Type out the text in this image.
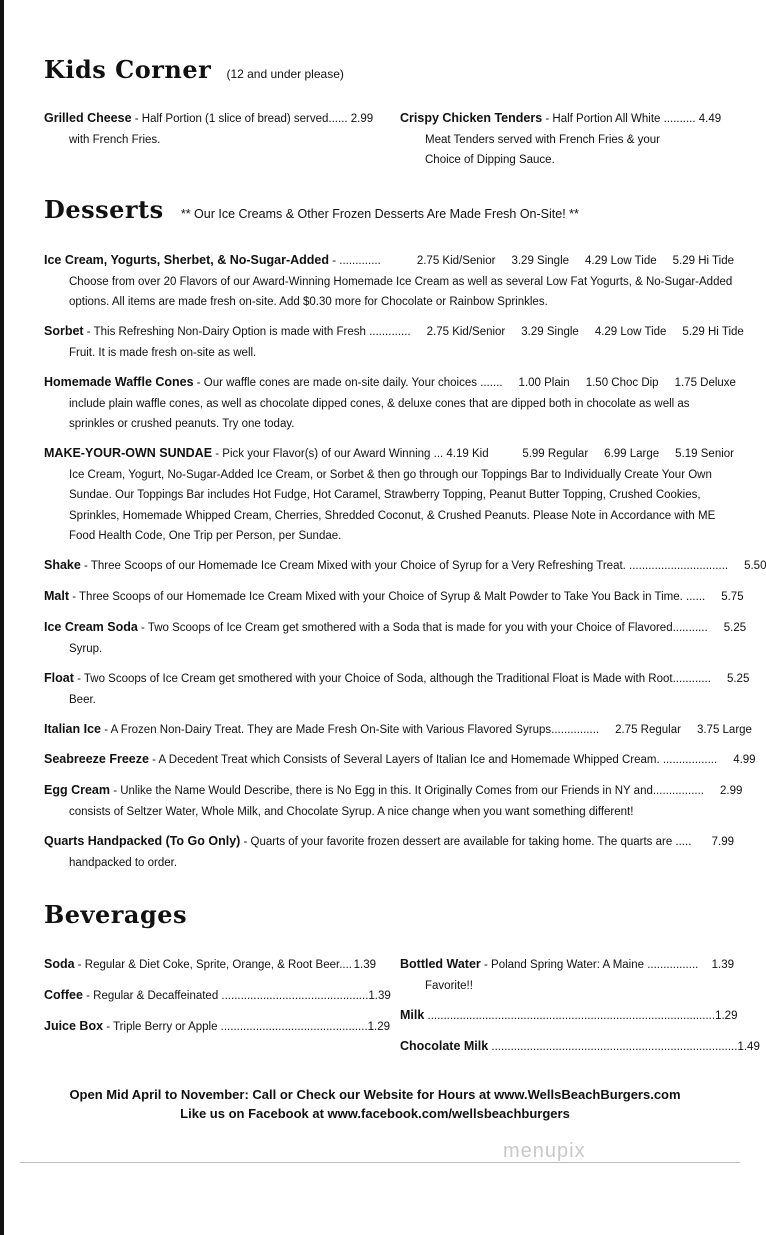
Kids Corner (12 and under please)
Grilled Cheese - Half Portion (1 slice of bread) served...... 2.99
with French Fries.
Crispy Chicken Tenders - Half Portion All White .......... 4.49
Meat Tenders served with French Fries & your
Choice of Dipping Sauce.
Desserts ** Our Ice Creams & Other Frozen Desserts Are Made Fresh On-Site! **
Ice Cream, Yogurts, Sherbet, & No-Sugar-Added
- .............	2.75 Kid/Senior 3.29 Single 4.29 Low Tide 5.29 Hi Tide
Choose from over 20 Flavors of our Award-Winning Homemade Ice Cream as well as several Low Fat Yogurts, & No-Sugar-Added options. All items are made fresh on-site. Add $0.30 more for Chocolate or Rainbow Sprinkles.
Sorbet
- This Refreshing Non-Dairy Option is made with Fresh ............. 2.75 Kid/Senior 3.29 Single 4.29 Low Tide 5.29 Hi Tide
Fruit. It is made fresh on-site as well.
Homemade Waffle Cones
- Our waffle cones are made on-site daily. Your choices ....... 1.00 Plain 1.50 Choc Dip 1.75 Deluxe
include plain waffle cones, as well as chocolate dipped cones, & deluxe cones that are dipped both in chocolate as well as sprinkles or crushed peanuts. Try one today.
MAKE-YOUR-OWN SUNDAE
- Pick your Flavor(s) of our Award Winning ... 4.19 Kid	5.99 Regular 6.99 Large 5.19 Senior
Ice Cream, Yogurt, No-Sugar-Added Ice Cream, or Sorbet & then go through our Toppings Bar to Individually Create Your Own Sundae. Our Toppings Bar includes Hot Fudge, Hot Caramel, Strawberry Topping, Peanut Butter Topping, Crushed Cookies, Sprinkles, Homemade Whipped Cream, Cherries, Shredded Coconut, & Crushed Peanuts. Please Note in Accordance with ME Food Health Code, One Trip per Person, per Sundae.
Shake
- Three Scoops of our Homemade Ice Cream Mixed with your Choice of Syrup for a Very Refreshing Treat. ............................... 5.50
Malt
- Three Scoops of our Homemade Ice Cream Mixed with your Choice of Syrup & Malt Powder to Take You Back in Time. ...... 5.75
Ice Cream Soda
- Two Scoops of Ice Cream get smothered with a Soda that is made for you with your Choice of Flavored........... 5.25
Syrup.
Float
- Two Scoops of Ice Cream get smothered with your Choice of Soda, although the Traditional Float is Made with Root............ 5.25
Beer.
Italian Ice
- A Frozen Non-Dairy Treat. They are Made Fresh On-Site with Various Flavored Syrups............... 2.75 Regular 3.75 Large
Seabreeze Freeze
- A Decedent Treat which Consists of Several Layers of Italian Ice and Homemade Whipped Cream. ................. 4.99
Egg Cream
- Unlike the Name Would Describe, there is No Egg in this. It Originally Comes from our Friends in NY and................ 2.99
consists of Seltzer Water, Whole Milk, and Chocolate Syrup. A nice change when you want something different!
Quarts Handpacked (To Go Only)
- Quarts of your favorite frozen dessert are available for taking home. The quarts are ..... 7.99
handpacked to order.
Beverages
Soda
- Regular & Diet Coke, Sprite, Orange, & Root Beer.... 1.39
Coffee
- Regular & Decaffeinated .............................................. 1.39
Juice Box
- Triple Berry or Apple .............................................. 1.29
Bottled Water
- Poland Spring Water: A Maine ................ 1.39
Favorite!!
Milk
.......................................................................................... 1.29
Chocolate Milk
............................................................................. 1.49
Open Mid April to November: Call or Check our Website for Hours at www.WellsBeachBurgers.com
Like us on Facebook at www.facebook.com/wellsbeachburgers
menupix
